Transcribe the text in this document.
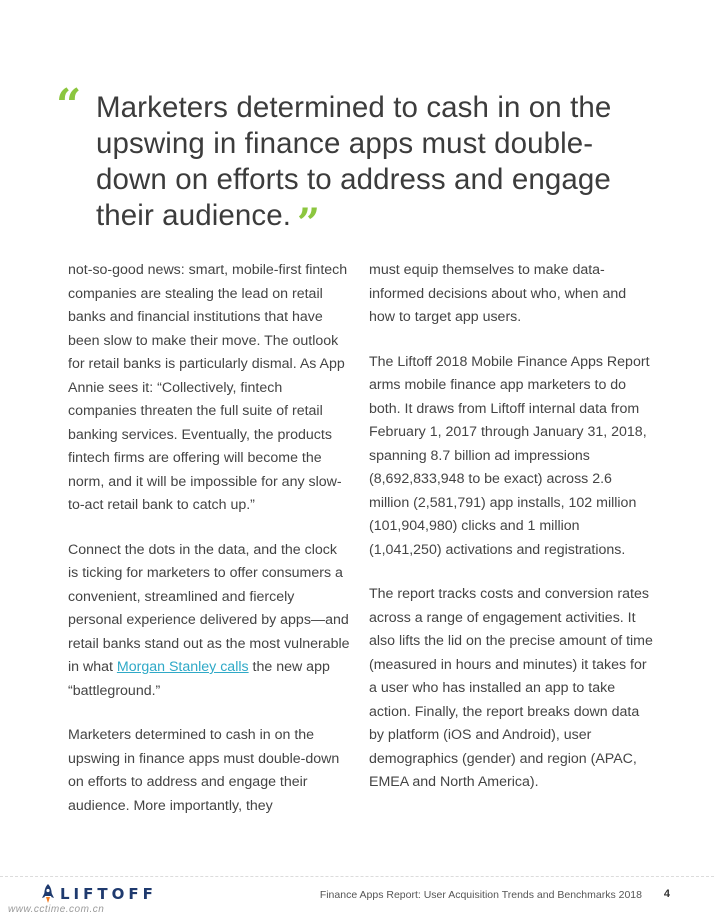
“ Marketers determined to cash in on the upswing in finance apps must double-down on efforts to address and engage their audience. ”

not-so-good news: smart, mobile-first fintech companies are stealing the lead on retail banks and financial institutions that have been slow to make their move. The outlook for retail banks is particularly dismal. As App Annie sees it: “Collectively, fintech companies threaten the full suite of retail banking services. Eventually, the products fintech firms are offering will become the norm, and it will be impossible for any slow-to-act retail bank to catch up.”

Connect the dots in the data, and the clock is ticking for marketers to offer consumers a convenient, streamlined and fiercely personal experience delivered by apps—and retail banks stand out as the most vulnerable in what Morgan Stanley calls the new app “battleground.”

Marketers determined to cash in on the upswing in finance apps must double-down on efforts to address and engage their audience. More importantly, they

must equip themselves to make data-informed decisions about who, when and how to target app users.

The Liftoff 2018 Mobile Finance Apps Report arms mobile finance app marketers to do both. It draws from Liftoff internal data from February 1, 2017 through January 31, 2018, spanning 8.7 billion ad impressions (8,692,833,948 to be exact) across 2.6 million (2,581,791) app installs, 102 million (101,904,980) clicks and 1 million (1,041,250) activations and registrations.

The report tracks costs and conversion rates across a range of engagement activities. It also lifts the lid on the precise amount of time (measured in hours and minutes) it takes for a user who has installed an app to take action. Finally, the report breaks down data by platform (iOS and Android), user demographics (gender) and region (APAC, EMEA and North America).

LIFTOFF
www.cctime.com.cn
Finance Apps Report: User Acquisition Trends and Benchmarks 2018 4
